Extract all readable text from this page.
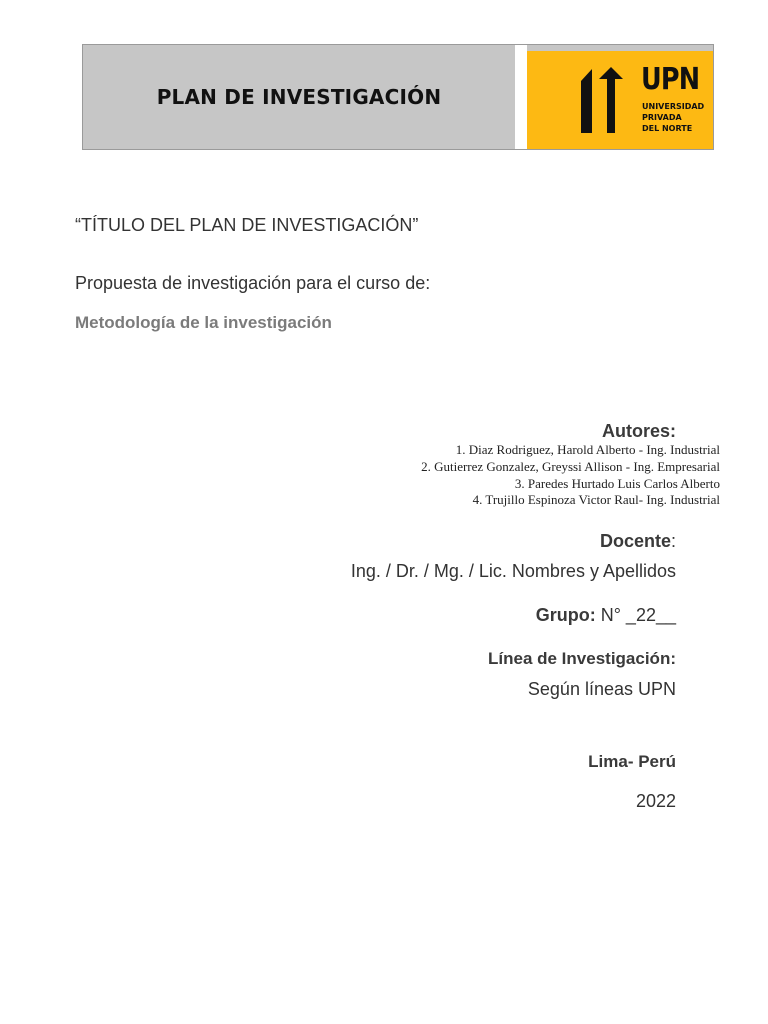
PLAN DE INVESTIGACIÓN	UPN
UNIVERSIDAD
PRIVADA
DEL NORTE
“TÍTULO DEL PLAN DE INVESTIGACIÓN”
Propuesta de investigación para el curso de:
Metodología de la investigación
Autores:
1. Diaz Rodriguez, Harold Alberto - Ing. Industrial
2. Gutierrez Gonzalez, Greyssi Allison - Ing. Empresarial
3. Paredes Hurtado Luis Carlos Alberto
4. Trujillo Espinoza Victor Raul- Ing. Industrial
Docente:
Ing. / Dr. / Mg. / Lic. Nombres y Apellidos
Grupo: N° _22__
Línea de Investigación:
Según líneas UPN
Lima- Perú
2022
